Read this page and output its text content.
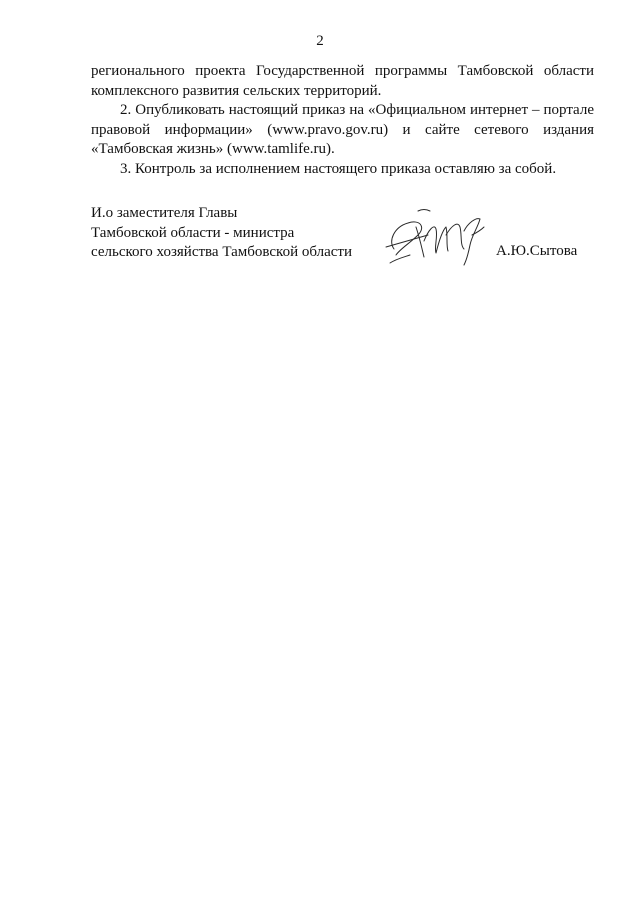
2

регионального проекта Государственной программы Тамбовской области комплексного развития сельских территорий.

2. Опубликовать настоящий приказ на «Официальном интернет – портале правовой информации» (www.pravo.gov.ru) и сайте сетевого издания «Тамбовская жизнь» (www.tamlife.ru).

3. Контроль за исполнением настоящего приказа оставляю за собой.

И.о заместителя Главы
Тамбовской области - министра
сельского хозяйства Тамбовской области	А.Ю.Сытова
